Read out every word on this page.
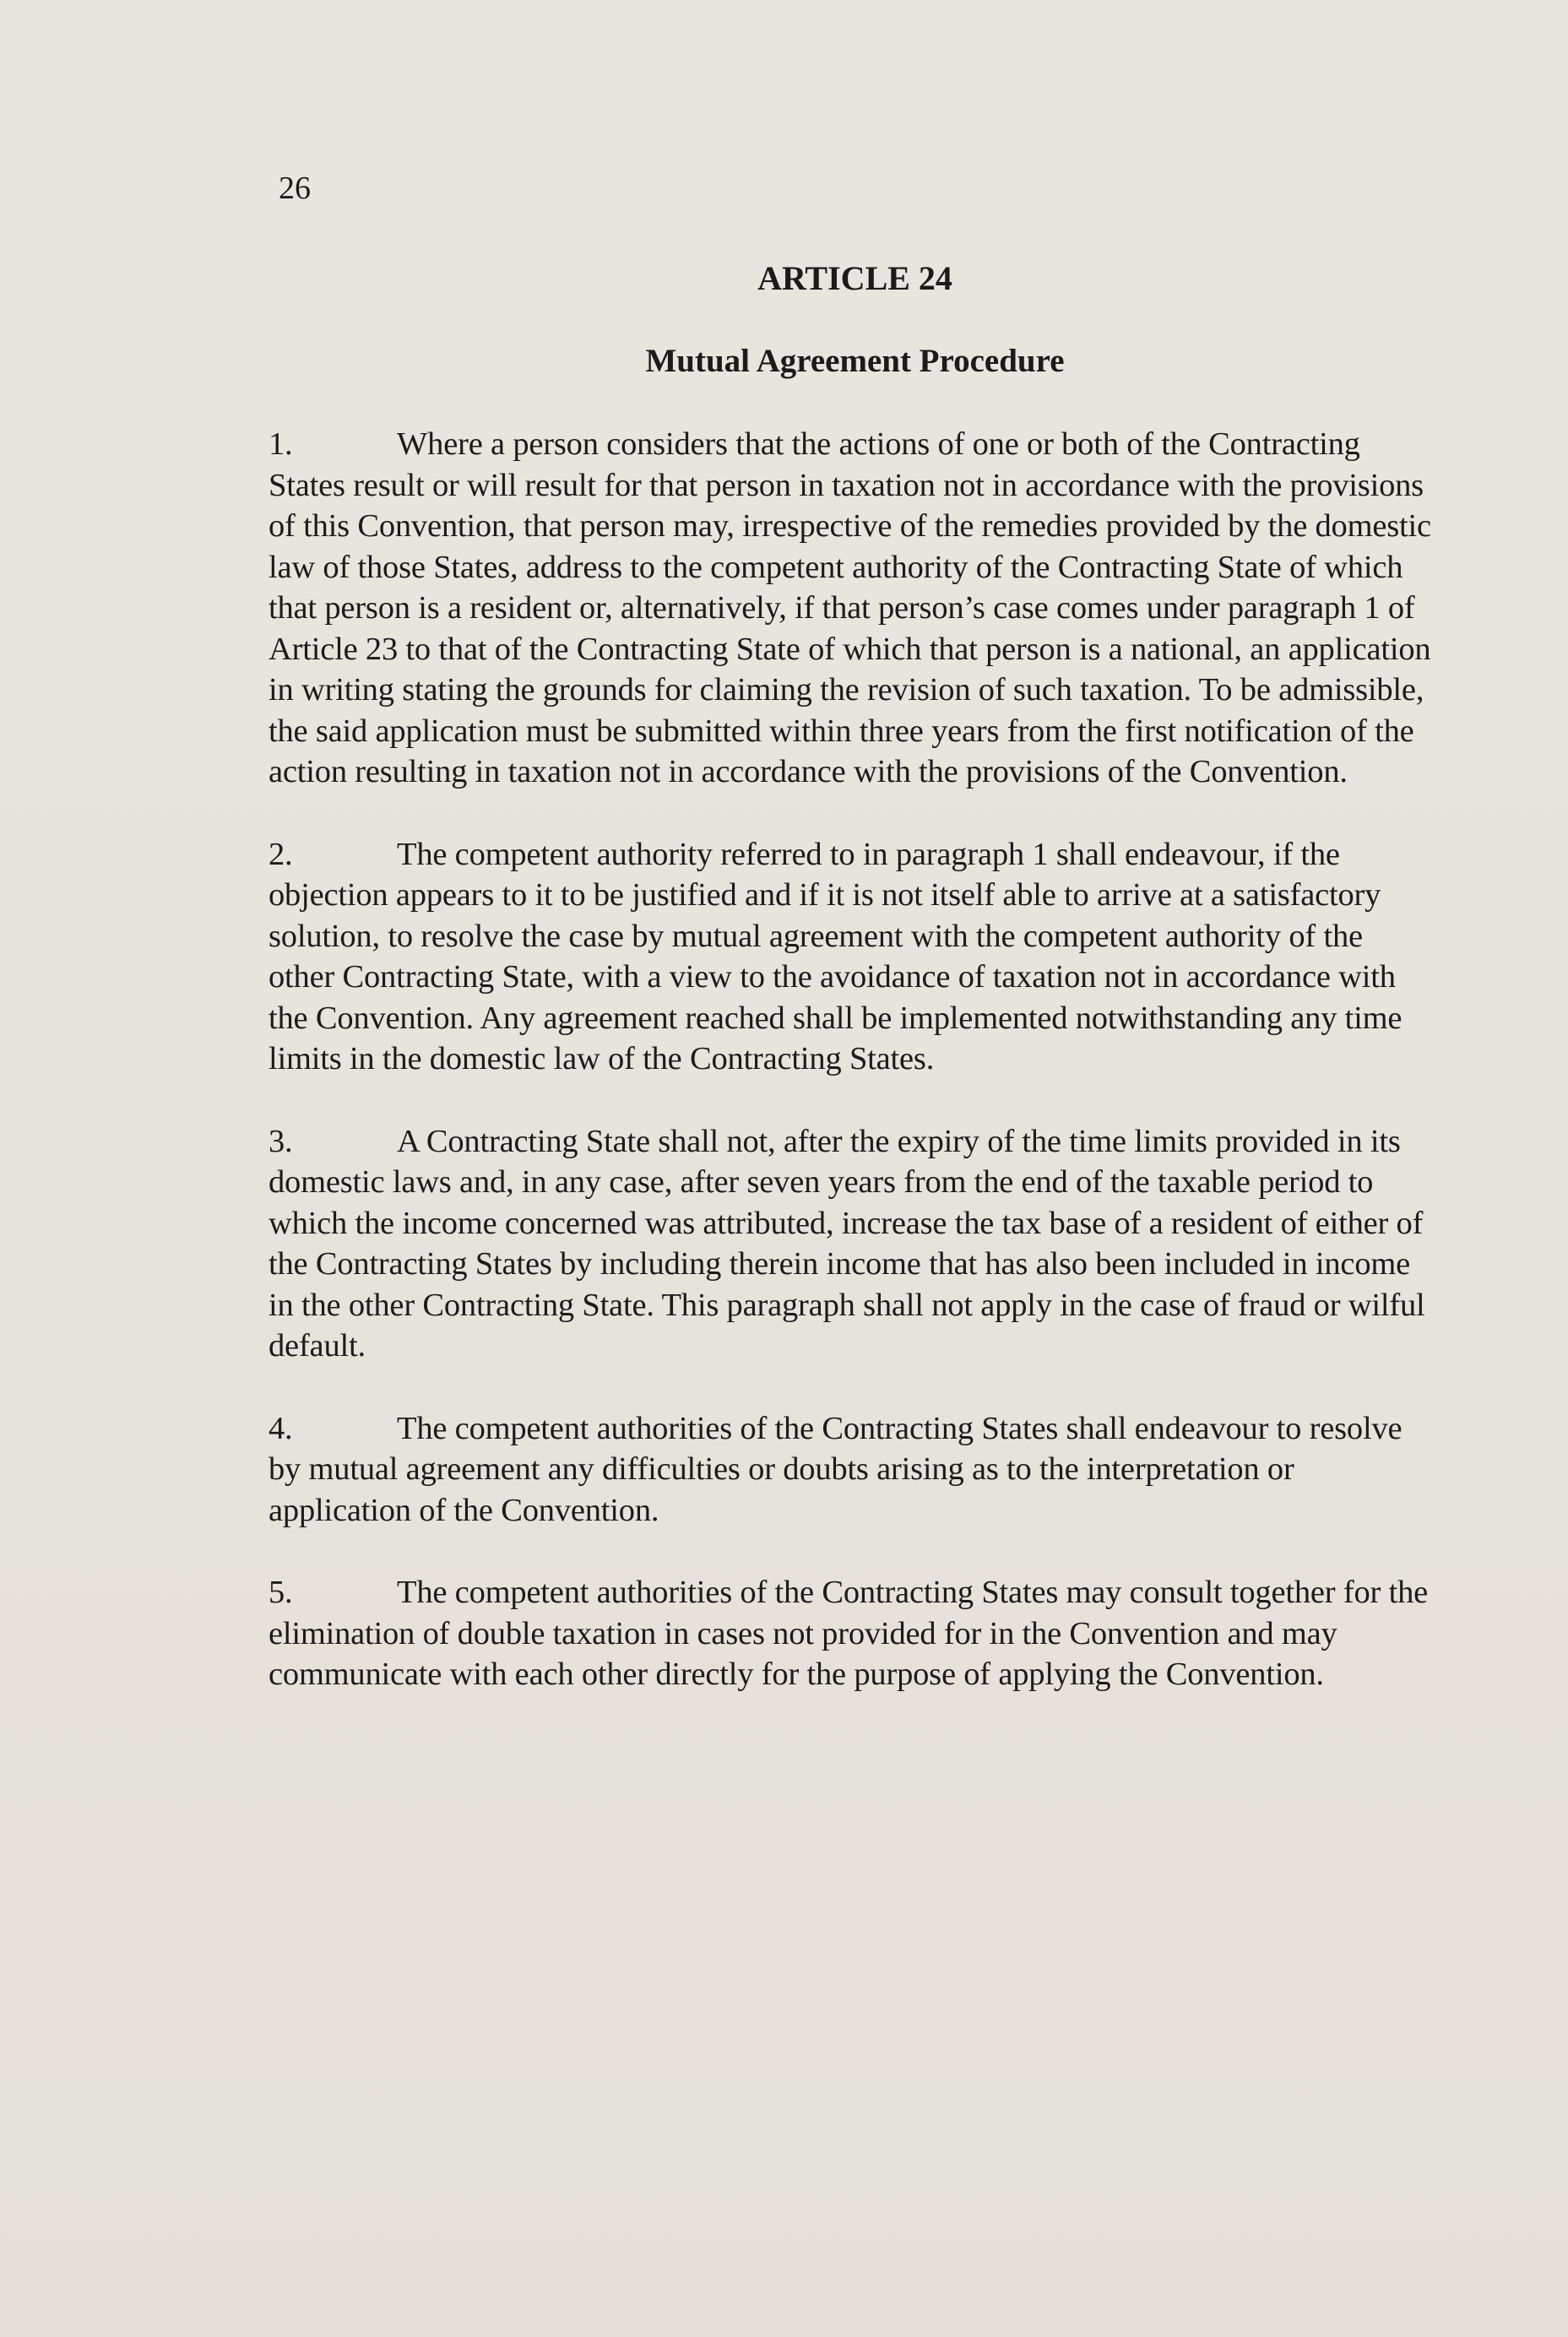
26

ARTICLE 24
Mutual Agreement Procedure

1.	Where a person considers that the actions of one or both of the Contracting States result or will result for that person in taxation not in accordance with the provisions of this Convention, that person may, irrespective of the remedies provided by the domestic law of those States, address to the competent authority of the Contracting State of which that person is a resident or, alternatively, if that person’s case comes under paragraph 1 of Article 23 to that of the Contracting State of which that person is a national, an application in writing stating the grounds for claiming the revision of such taxation. To be admissible, the said application must be submitted within three years from the first notification of the action resulting in taxation not in accordance with the provisions of the Convention.

2.	The competent authority referred to in paragraph 1 shall endeavour, if the objection appears to it to be justified and if it is not itself able to arrive at a satisfactory solution, to resolve the case by mutual agreement with the competent authority of the other Contracting State, with a view to the avoidance of taxation not in accordance with the Convention. Any agreement reached shall be implemented notwithstanding any time limits in the domestic law of the Contracting States.

3.	A Contracting State shall not, after the expiry of the time limits provided in its domestic laws and, in any case, after seven years from the end of the taxable period to which the income concerned was attributed, increase the tax base of a resident of either of the Contracting States by including therein income that has also been included in income in the other Contracting State. This paragraph shall not apply in the case of fraud or wilful default.

4.	The competent authorities of the Contracting States shall endeavour to resolve by mutual agreement any difficulties or doubts arising as to the interpretation or application of the Convention.

5.	The competent authorities of the Contracting States may consult together for the elimination of double taxation in cases not provided for in the Convention and may communicate with each other directly for the purpose of applying the Convention.
